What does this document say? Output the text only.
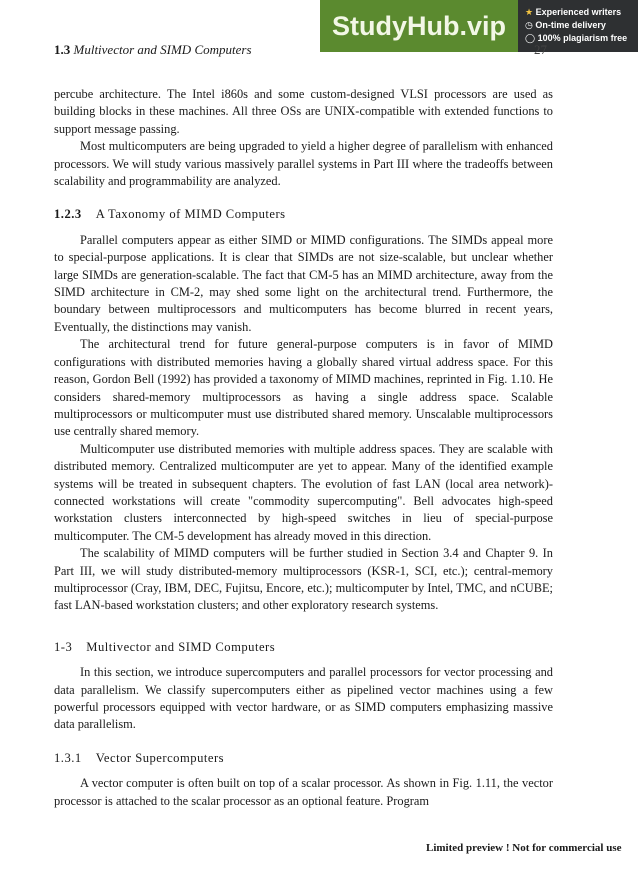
StudyHub.vip	★ Experienced writers
◷ On-time delivery
◯ 100% plagiarism free
1.3 Multivector and SIMD Computers	27

percube architecture. The Intel i860s and some custom-designed VLSI processors are used as building blocks in these machines. All three OSs are UNIX-compatible with extended functions to support message passing.

Most multicomputers are being upgraded to yield a higher degree of parallelism with enhanced processors. We will study various massively parallel systems in Part III where the tradeoffs between scalability and programmability are analyzed.

1.2.3 A Taxonomy of MIMD Computers

Parallel computers appear as either SIMD or MIMD configurations. The SIMDs appeal more to special-purpose applications. It is clear that SIMDs are not size-scalable, but unclear whether large SIMDs are generation-scalable. The fact that CM-5 has an MIMD architecture, away from the SIMD architecture in CM-2, may shed some light on the architectural trend. Furthermore, the boundary between multiprocessors and multicomputers has become blurred in recent years, Eventually, the distinctions may vanish.

The architectural trend for future general-purpose computers is in favor of MIMD configurations with distributed memories having a globally shared virtual address space. For this reason, Gordon Bell (1992) has provided a taxonomy of MIMD machines, reprinted in Fig. 1.10. He considers shared-memory multiprocessors as having a single address space. Scalable multiprocessors or multicomputer must use distributed shared memory. Unscalable multiprocessors use centrally shared memory.

Multicomputer use distributed memories with multiple address spaces. They are scalable with distributed memory. Centralized multicomputer are yet to appear. Many of the identified example systems will be treated in subsequent chapters. The evolution of fast LAN (local area network)-connected workstations will create "commodity supercomputing". Bell advocates high-speed workstation clusters interconnected by high-speed switches in lieu of special-purpose multicomputer. The CM-5 development has already moved in this direction.

The scalability of MIMD computers will be further studied in Section 3.4 and Chapter 9. In Part III, we will study distributed-memory multiprocessors (KSR-1, SCI, etc.); central-memory multiprocessor (Cray, IBM, DEC, Fujitsu, Encore, etc.); multicomputer by Intel, TMC, and nCUBE; fast LAN-based workstation clusters; and other exploratory research systems.

1-3 Multivector and SIMD Computers

In this section, we introduce supercomputers and parallel processors for vector processing and data parallelism. We classify supercomputers either as pipelined vector machines using a few powerful processors equipped with vector hardware, or as SIMD computers emphasizing massive data parallelism.

1.3.1 Vector Supercomputers

A vector computer is often built on top of a scalar processor. As shown in Fig. 1.11, the vector processor is attached to the scalar processor as an optional feature. Program

Limited preview ! Not for commercial use
